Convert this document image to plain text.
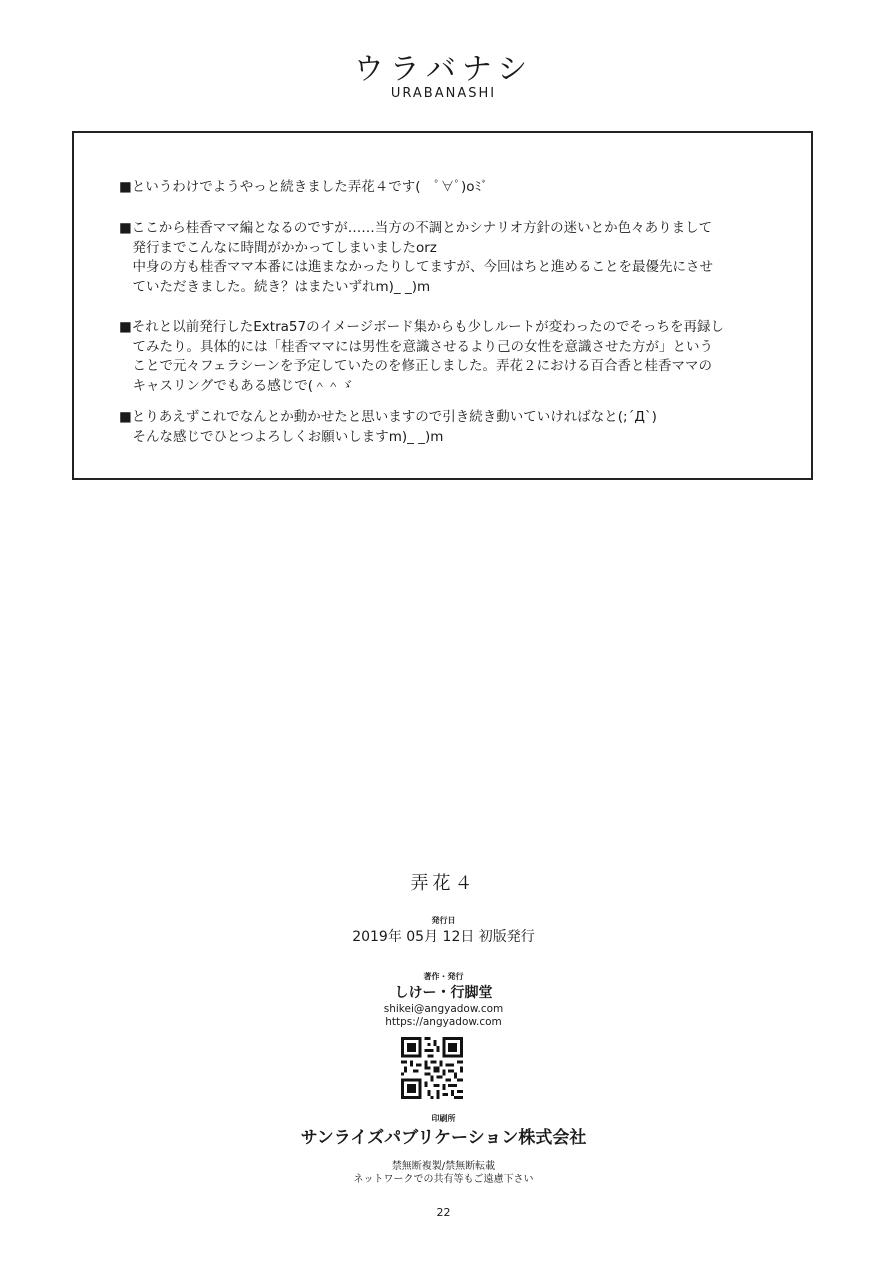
ウラバナシ
URABANASHI
■というわけでようやっと続きました弄花４です(　ﾟ∀ﾟ)oﾐﾞ
■ここから桂香ママ編となるのですが……当方の不調とかシナリオ方針の迷いとか色々ありまして
　発行までこんなに時間がかかってしまいましたorz
　中身の方も桂香ママ本番には進まなかったりしてますが、今回はちと進めることを最優先にさせ
　ていただきました。続き？はまたいずれm)_ _)m
■それと以前発行したExtra57のイメージボード集からも少しルートが変わったのでそっちを再録し
　てみたり。具体的には「桂香ママには男性を意識させるより己の女性を意識させた方が」という
　ことで元々フェラシーンを予定していたのを修正しました。弄花２における百合香と桂香ママの
　キャスリングでもある感じで(＾＾ゞ
■とりあえずこれでなんとか動かせたと思いますので引き続き動いていければなと(;´Д`)
　そんな感じでひとつよろしくお願いしますm)_ _)m
弄花４
発行日
2019年 05月 12日 初版発行
著作・発行
しけー・行脚堂
shikei@angyadow.com
https://angyadow.com
印刷所
サンライズパブリケーション株式会社
禁無断複製/禁無断転載
ネットワークでの共有等もご遠慮下さい
22
